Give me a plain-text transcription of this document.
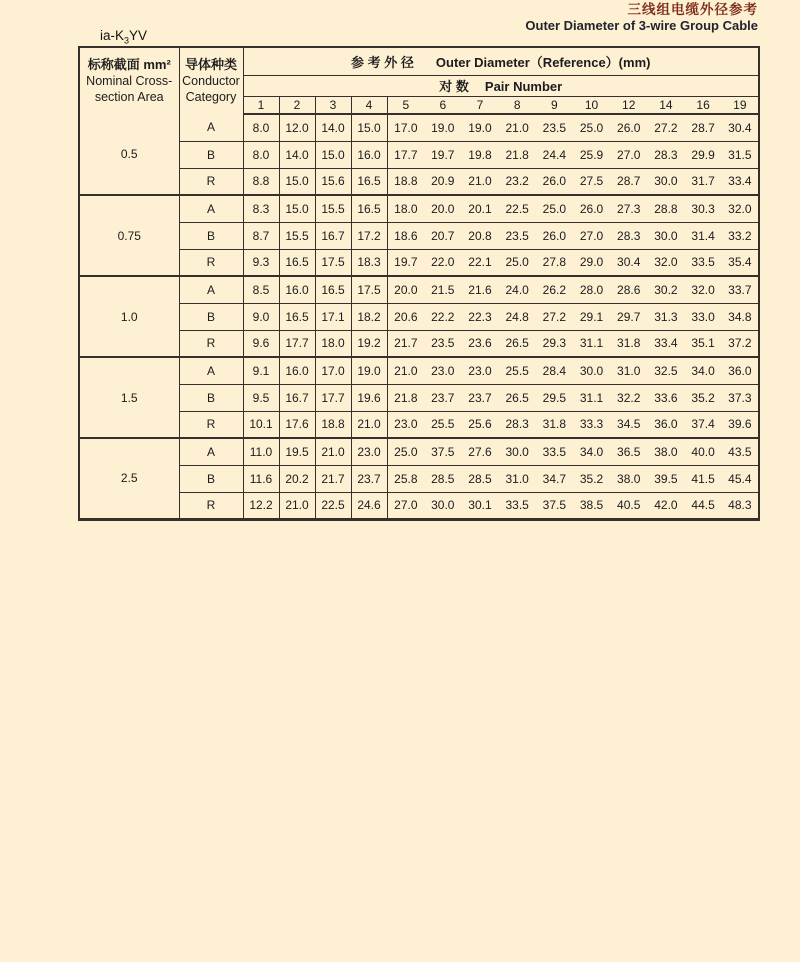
三线组电缆外径参考
Outer Diameter of 3-wire Group Cable
$ia-K_3YV$
标称截面 mm²
Nominal Cross-
section Area

导体种类
Conductor
Category
	参 考 外 径 Outer Diameter（Reference）(mm)
		对 数 Pair Number													
		1	2	3	4	5	6	7	8	9	10	12	14	16	19
0.5	A	8.0	12.0	14.0	15.0	17.0	19.0	19.0	21.0	23.5	25.0	26.0	27.2	28.7	30.4
	B	8.0	14.0	15.0	16.0	17.7	19.7	19.8	21.8	24.4	25.9	27.0	28.3	29.9	31.5
	R	8.8	15.0	15.6	16.5	18.8	20.9	21.0	23.2	26.0	27.5	28.7	30.0	31.7	33.4
0.75	A	8.3	15.0	15.5	16.5	18.0	20.0	20.1	22.5	25.0	26.0	27.3	28.8	30.3	32.0
	B	8.7	15.5	16.7	17.2	18.6	20.7	20.8	23.5	26.0	27.0	28.3	30.0	31.4	33.2
	R	9.3	16.5	17.5	18.3	19.7	22.0	22.1	25.0	27.8	29.0	30.4	32.0	33.5	35.4
1.0	A	8.5	16.0	16.5	17.5	20.0	21.5	21.6	24.0	26.2	28.0	28.6	30.2	32.0	33.7
	B	9.0	16.5	17.1	18.2	20.6	22.2	22.3	24.8	27.2	29.1	29.7	31.3	33.0	34.8
	R	9.6	17.7	18.0	19.2	21.7	23.5	23.6	26.5	29.3	31.1	31.8	33.4	35.1	37.2
1.5	A	9.1	16.0	17.0	19.0	21.0	23.0	23.0	25.5	28.4	30.0	31.0	32.5	34.0	36.0
	B	9.5	16.7	17.7	19.6	21.8	23.7	23.7	26.5	29.5	31.1	32.2	33.6	35.2	37.3
	R	10.1	17.6	18.8	21.0	23.0	25.5	25.6	28.3	31.8	33.3	34.5	36.0	37.4	39.6
2.5	A	11.0	19.5	21.0	23.0	25.0	37.5	27.6	30.0	33.5	34.0	36.5	38.0	40.0	43.5
	B	11.6	20.2	21.7	23.7	25.8	28.5	28.5	31.0	34.7	35.2	38.0	39.5	41.5	45.4
	R	12.2	21.0	22.5	24.6	27.0	30.0	30.1	33.5	37.5	38.5	40.5	42.0	44.5	48.3
